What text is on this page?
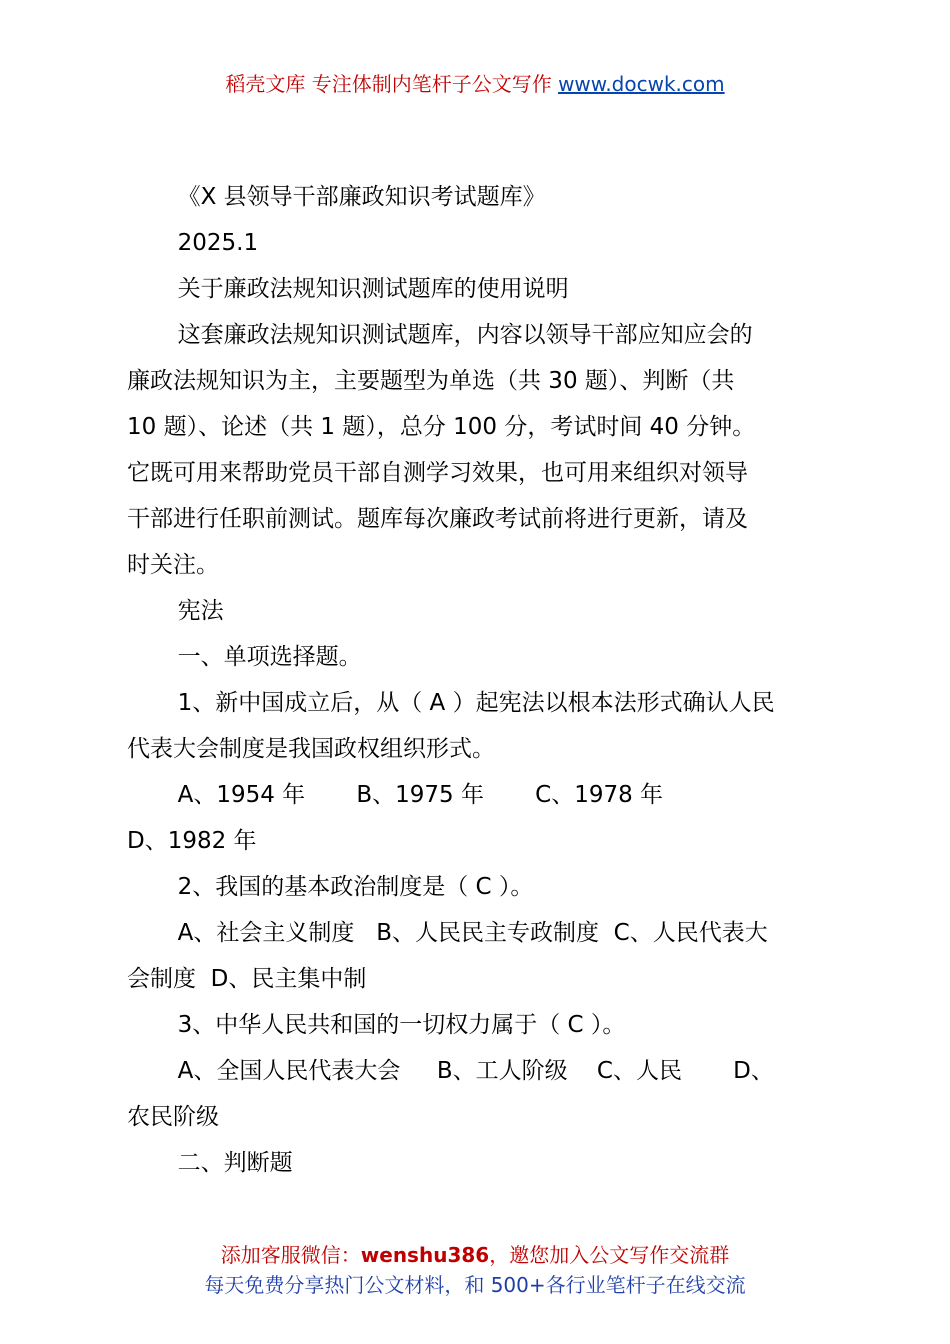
稻壳文库 专注体制内笔杆子公文写作 www.docwk.com

《X 县领导干部廉政知识考试题库》

2025.1

关于廉政法规知识测试题库的使用说明

这套廉政法规知识测试题库，内容以领导干部应知应会的

廉政法规知识为主，主要题型为单选（共 30 题）、判断（共

10 题）、论述（共 1 题），总分 100 分，考试时间 40 分钟。

它既可用来帮助党员干部自测学习效果，也可用来组织对领导

干部进行任职前测试。题库每次廉政考试前将进行更新，请及

时关注。

宪法

一、单项选择题。

1、新中国成立后，从（ A ）起宪法以根本法形式确认人民

代表大会制度是我国政权组织形式。

A、1954 年       B、1975 年       C、1978 年

D、1982 年

2、我国的基本政治制度是（ C ）。

A、社会主义制度   B、人民民主专政制度  C、人民代表大

会制度  D、民主集中制

3、中华人民共和国的一切权力属于（ C ）。

A、全国人民代表大会     B、工人阶级    C、人民       D、

农民阶级

二、判断题

添加客服微信：wenshu386，邀您加入公文写作交流群
每天免费分享热门公文材料，和 500+各行业笔杆子在线交流
